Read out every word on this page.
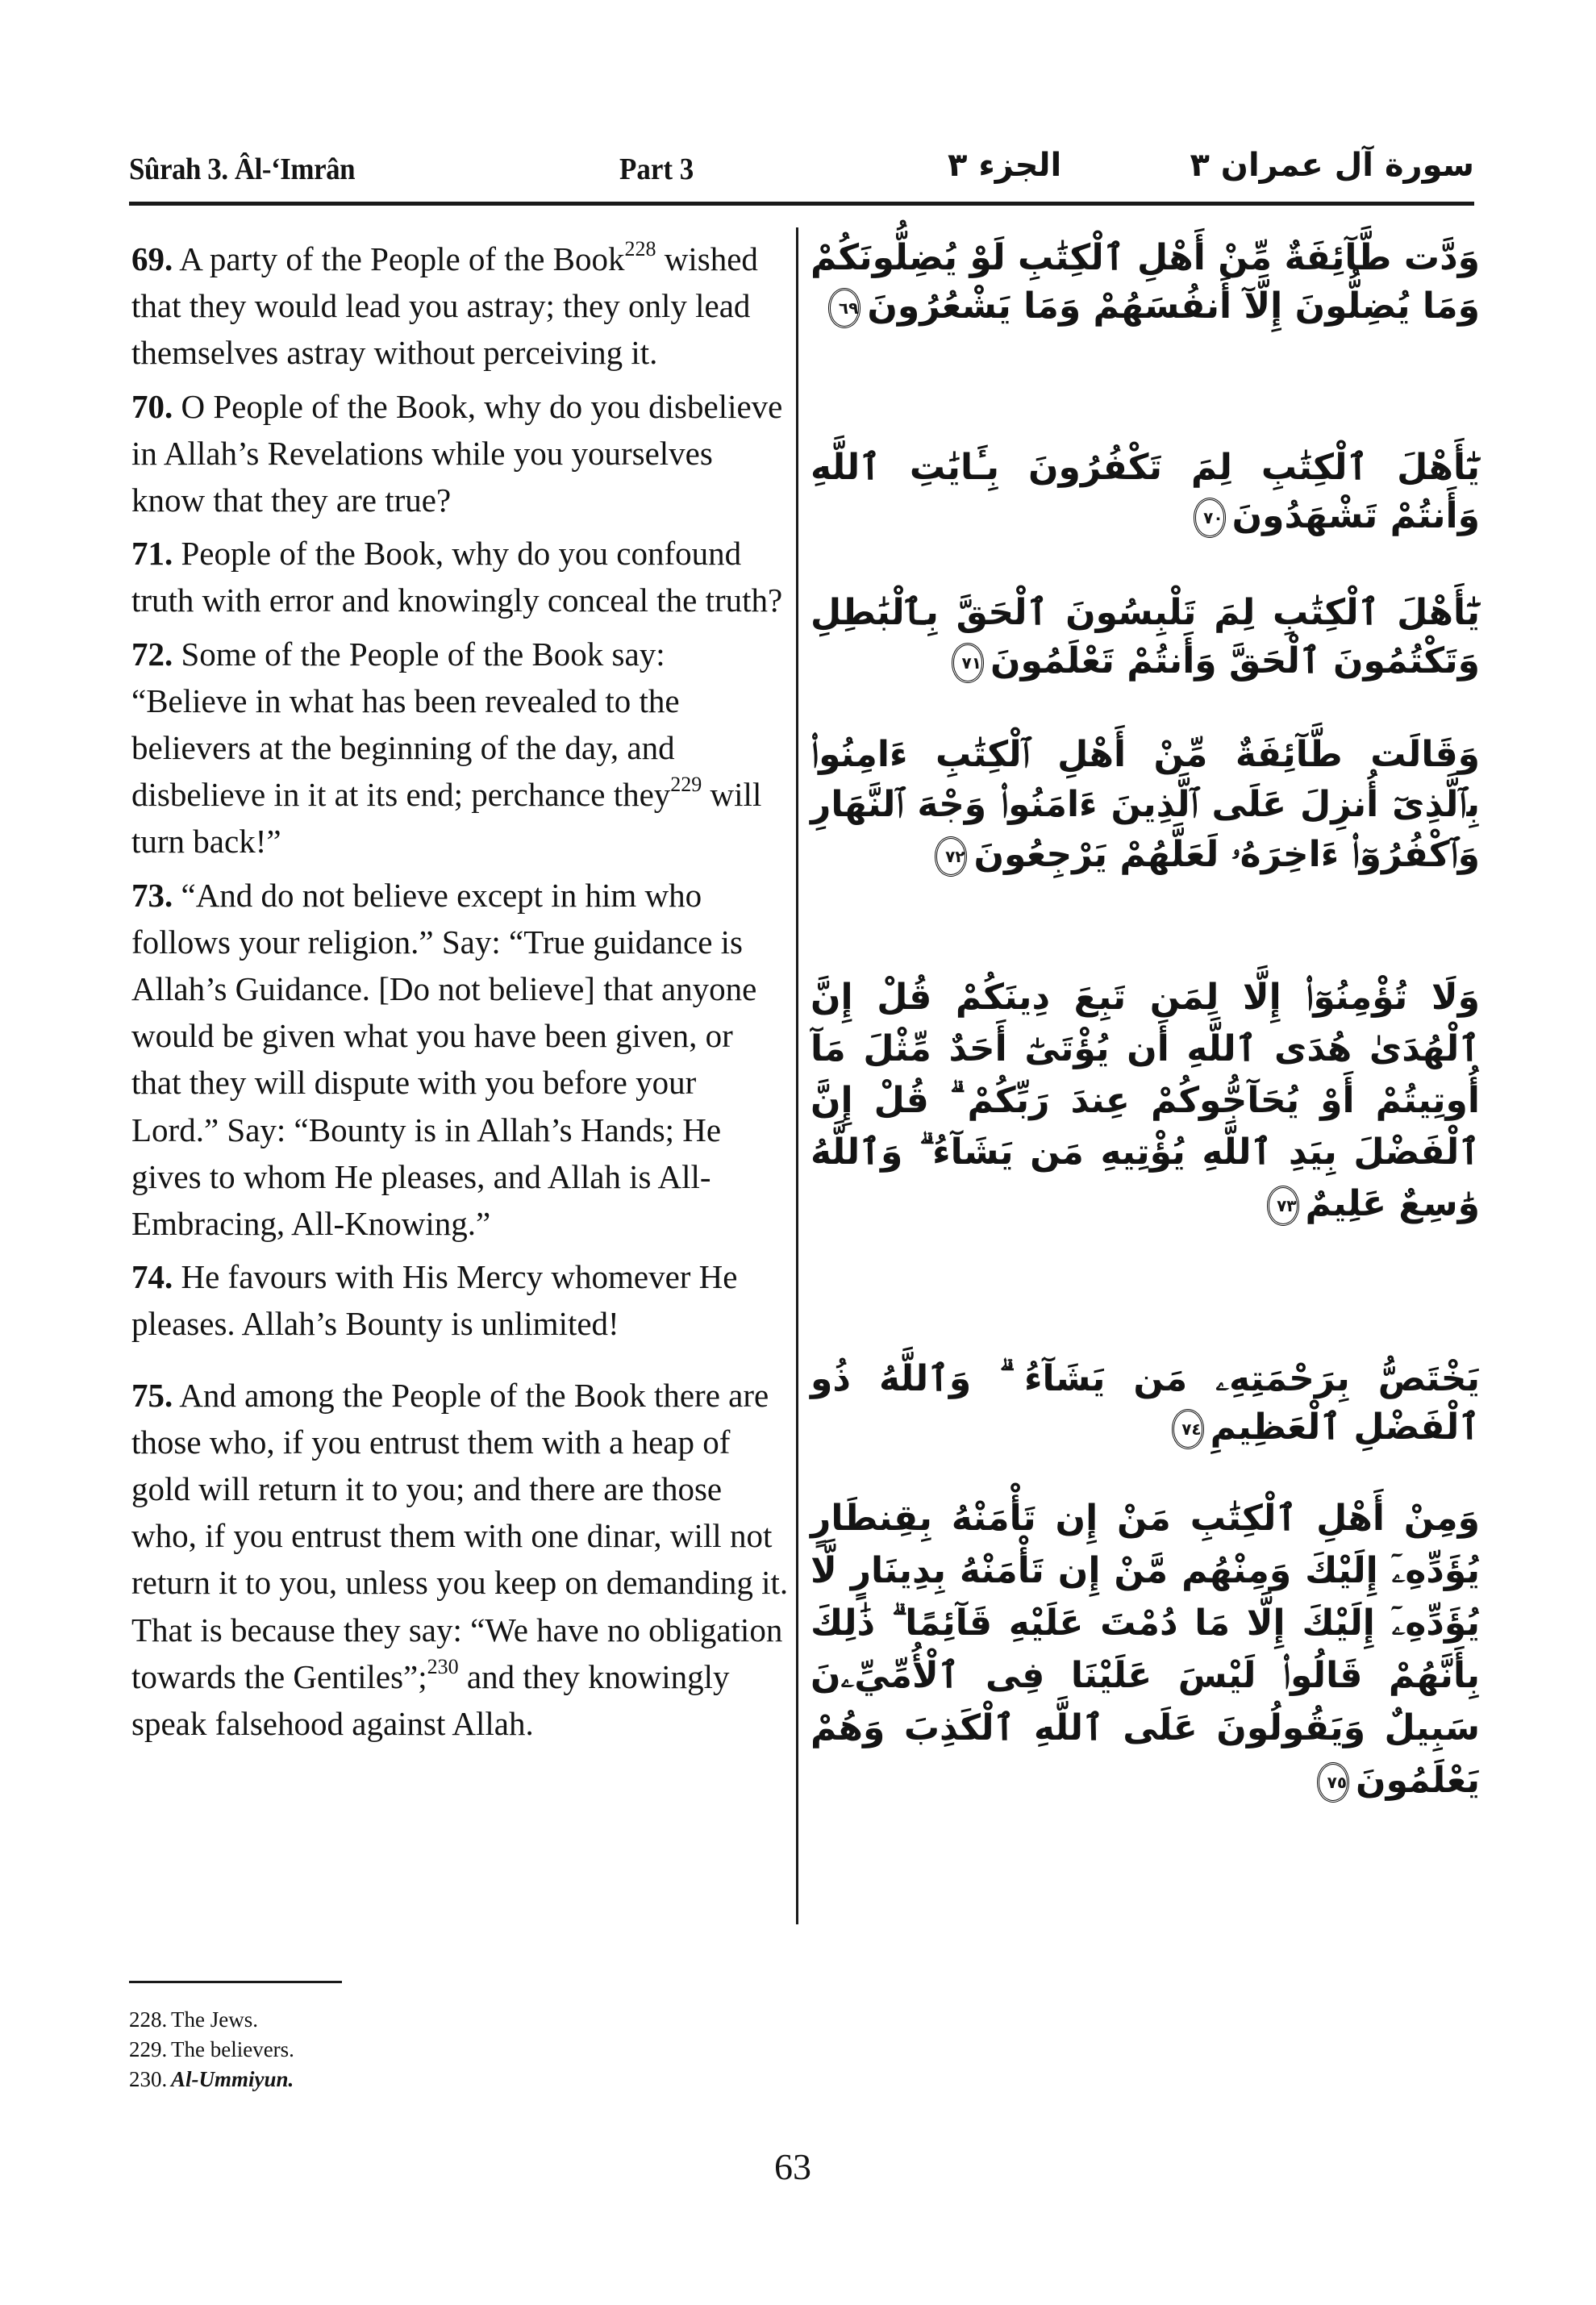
Sûrah 3. Âl-‘Imrân	Part 3	الجزء ٣	سورة آل عمران ٣

69. A party of the People of the Book$^{228}$ wished that they would lead you astray; they only lead themselves astray without perceiving it.

70. O People of the Book, why do you disbelieve in Allah’s Revelations while you yourselves know that they are true?

71. People of the Book, why do you confound truth with error and knowingly conceal the truth?

72. Some of the People of the Book say: “Believe in what has been revealed to the believers at the beginning of the day, and disbelieve in it at its end; perchance they$^{229}$ will turn back!”

73. “And do not believe except in him who follows your religion.” Say: “True guidance is Allah’s Guidance. [Do not believe] that anyone would be given what you have been given, or that they will dispute with you before your Lord.” Say: “Bounty is in Allah’s Hands; He gives to whom He pleases, and Allah is All-Embracing, All-Knowing.”

74. He favours with His Mercy whomever He pleases. Allah’s Bounty is unlimited!

75. And among the People of the Book there are those who, if you entrust them with a heap of gold will return it to you; and there are those who, if you entrust them with one dinar, will not return it to you, unless you keep on demanding it. That is because they say: “We have no obligation towards the Gentiles”;$^{230}$ and they knowingly speak falsehood against Allah.

وَدَّت طَّآئِفَةٌ مِّنْ أَهْلِ ٱلْكِتَٰبِ لَوْ يُضِلُّونَكُمْ وَمَا يُضِلُّونَ إِلَّآ أَنفُسَهُمْ وَمَا يَشْعُرُونَ٦٩
يَٰٓأَهْلَ ٱلْكِتَٰبِ لِمَ تَكْفُرُونَ بِـَٔايَٰتِ ٱللَّهِ وَأَنتُمْ تَشْهَدُونَ٧٠
يَٰٓأَهْلَ ٱلْكِتَٰبِ لِمَ تَلْبِسُونَ ٱلْحَقَّ بِٱلْبَٰطِلِ وَتَكْتُمُونَ ٱلْحَقَّ وَأَنتُمْ تَعْلَمُونَ٧١
وَقَالَت طَّآئِفَةٌ مِّنْ أَهْلِ ٱلْكِتَٰبِ ءَامِنُوا۟ بِٱلَّذِىٓ أُنزِلَ عَلَى ٱلَّذِينَ ءَامَنُوا۟ وَجْهَ ٱلنَّهَارِ وَٱكْفُرُوٓا۟ ءَاخِرَهُۥ لَعَلَّهُمْ يَرْجِعُونَ٧٢
وَلَا تُؤْمِنُوٓا۟ إِلَّا لِمَن تَبِعَ دِينَكُمْ قُلْ إِنَّ ٱلْهُدَىٰ هُدَى ٱللَّهِ أَن يُؤْتَىٰٓ أَحَدٌ مِّثْلَ مَآ أُوتِيتُمْ أَوْ يُحَآجُّوكُمْ عِندَ رَبِّكُمْ ۗ قُلْ إِنَّ ٱلْفَضْلَ بِيَدِ ٱللَّهِ يُؤْتِيهِ مَن يَشَآءُ ۗ وَٱللَّهُ وَٰسِعٌ عَلِيمٌ٧٣
يَخْتَصُّ بِرَحْمَتِهِۦ مَن يَشَآءُ ۗ وَٱللَّهُ ذُو ٱلْفَضْلِ ٱلْعَظِيمِ٧٤
وَمِنْ أَهْلِ ٱلْكِتَٰبِ مَنْ إِن تَأْمَنْهُ بِقِنطَارٍ يُؤَدِّهِۦٓ إِلَيْكَ وَمِنْهُم مَّنْ إِن تَأْمَنْهُ بِدِينَارٍ لَّا يُؤَدِّهِۦٓ إِلَيْكَ إِلَّا مَا دُمْتَ عَلَيْهِ قَآئِمًا ۗ ذَٰلِكَ بِأَنَّهُمْ قَالُوا۟ لَيْسَ عَلَيْنَا فِى ٱلْأُمِّيِّۦنَ سَبِيلٌ وَيَقُولُونَ عَلَى ٱللَّهِ ٱلْكَذِبَ وَهُمْ يَعْلَمُونَ٧٥
228. The Jews.
229. The believers.
230. Al-Ummiyun.
63
